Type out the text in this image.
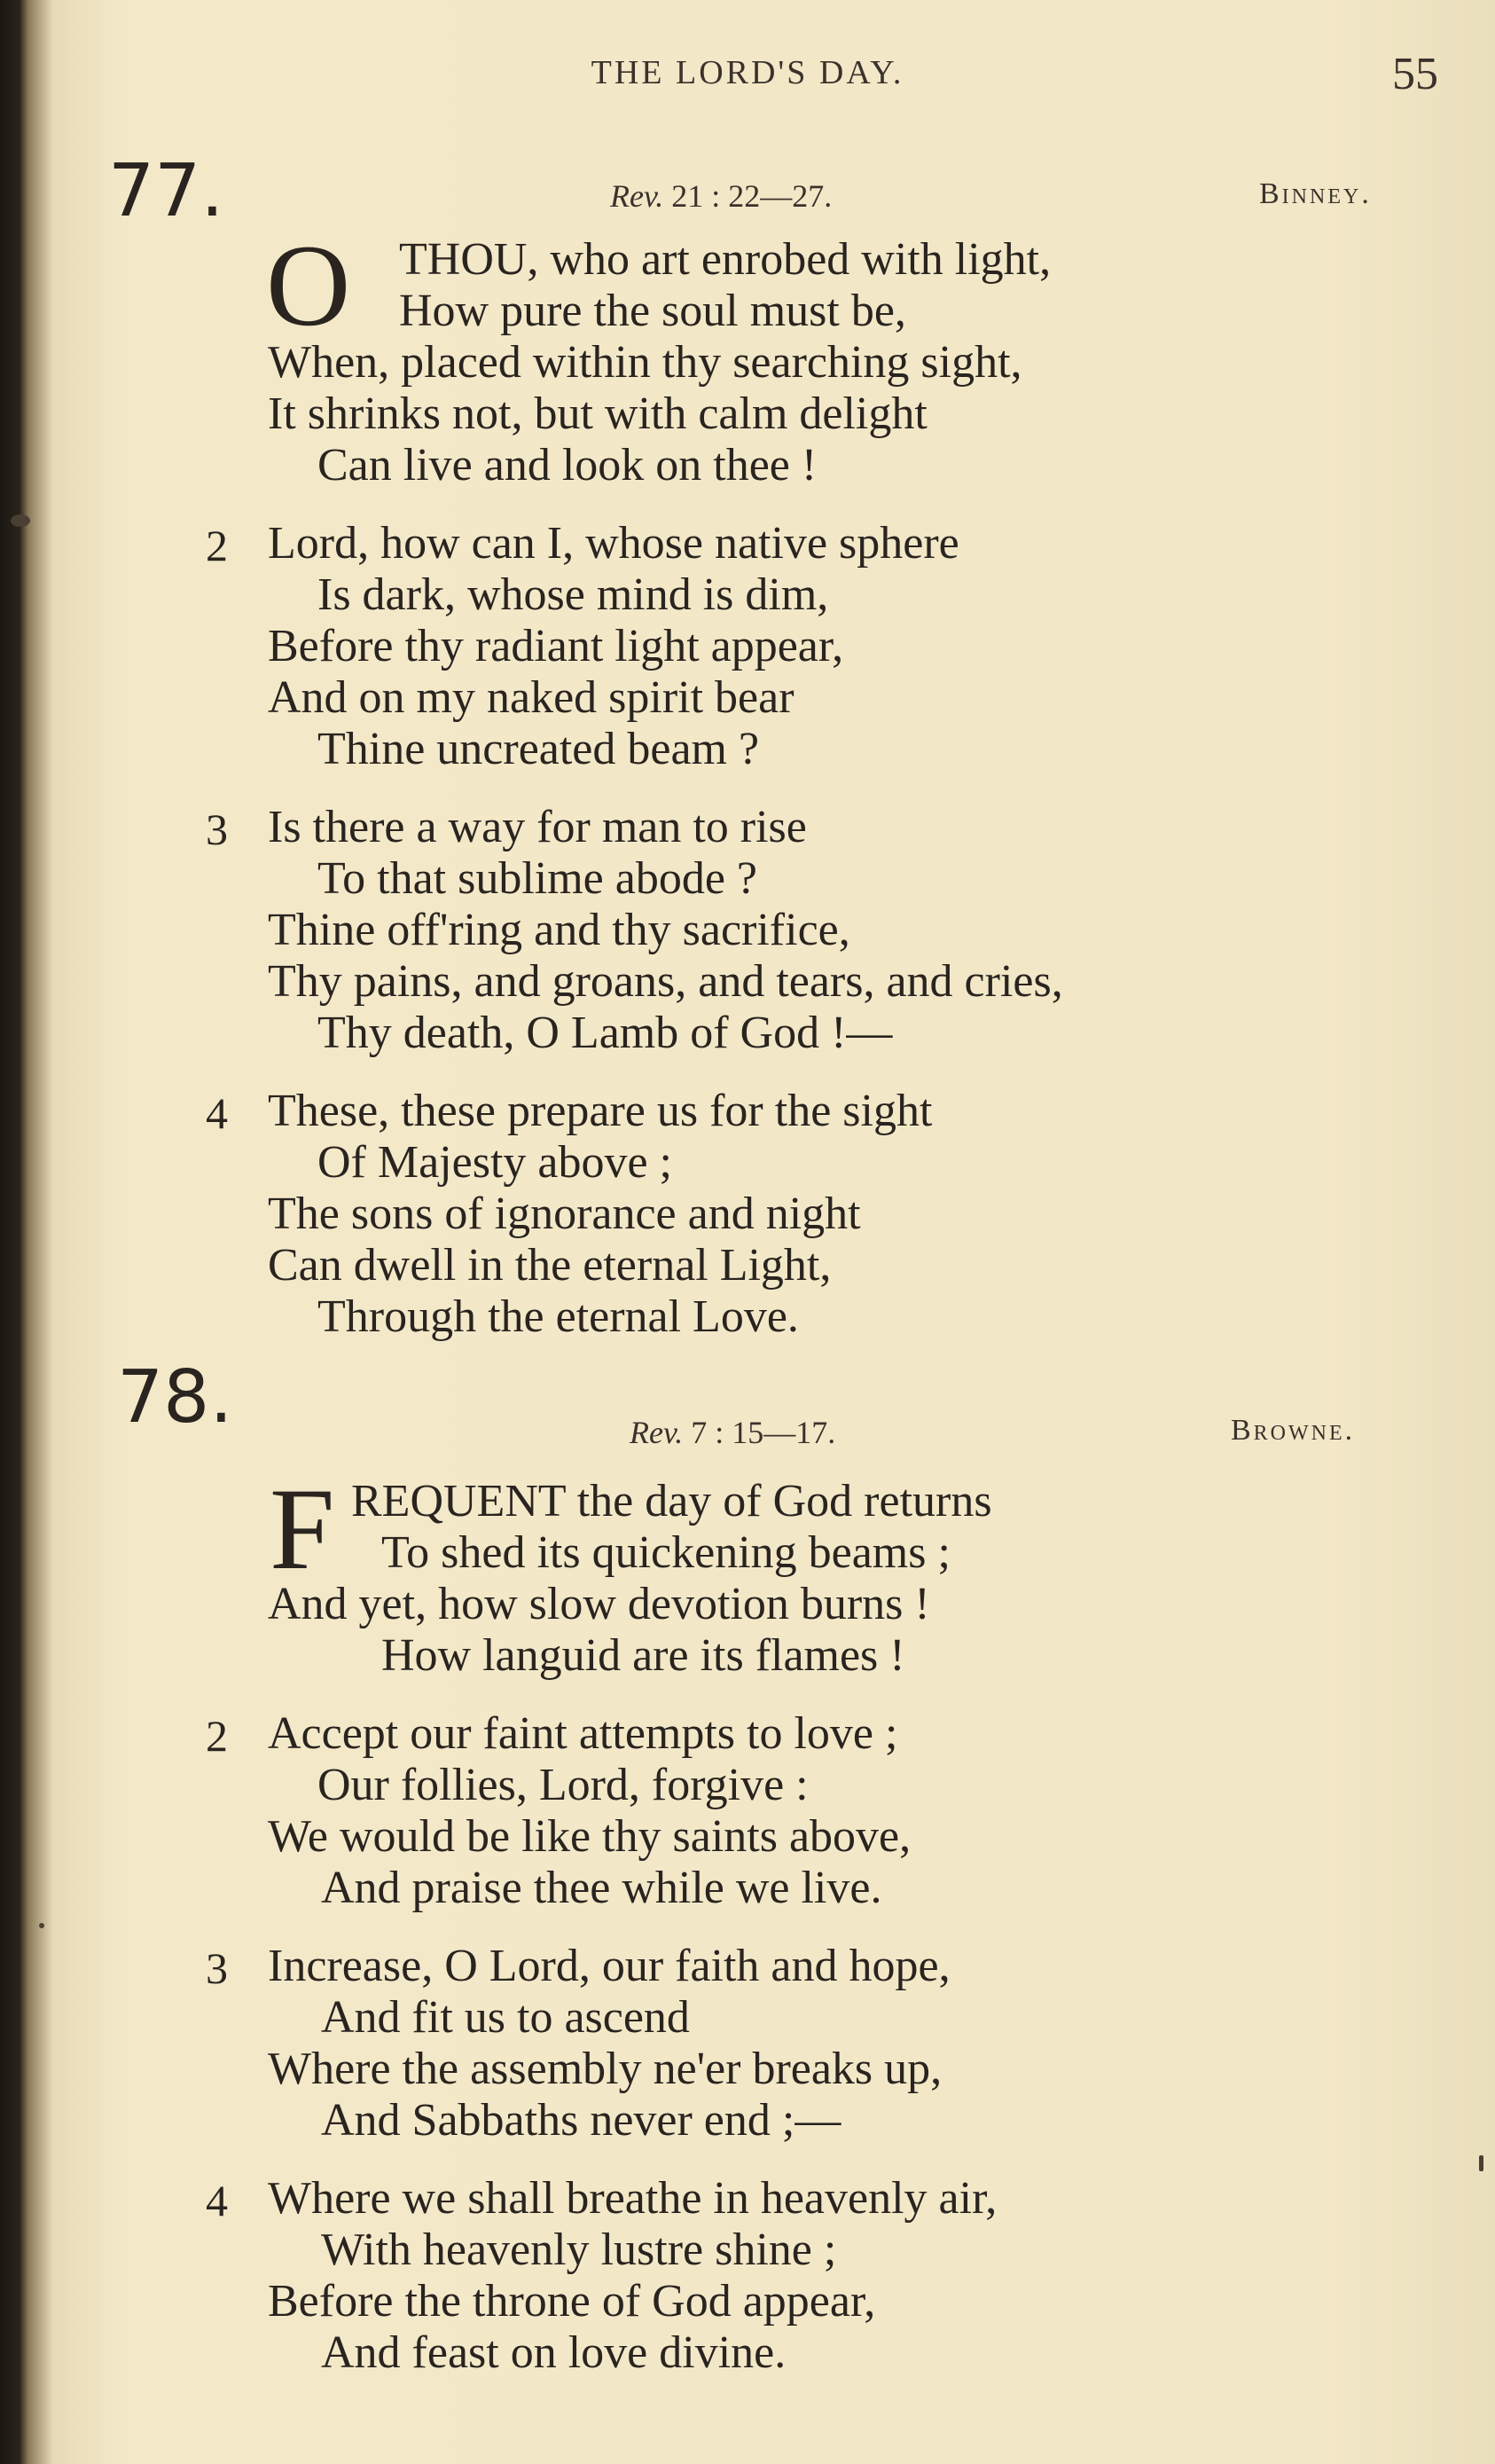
THE LORD'S DAY.	55
77.	Rev. 21 : 22—27.	Binney.
O THOU, who art enrobed with light,
How pure the soul must be,
When, placed within thy searching sight,
It shrinks not, but with calm delight
Can live and look on thee !
2 Lord, how can I, whose native sphere
Is dark, whose mind is dim,
Before thy radiant light appear,
And on my naked spirit bear
Thine uncreated beam ?
3 Is there a way for man to rise
To that sublime abode ?
Thine off'ring and thy sacrifice,
Thy pains, and groans, and tears, and cries,
Thy death, O Lamb of God !—
4 These, these prepare us for the sight
Of Majesty above ;
The sons of ignorance and night
Can dwell in the eternal Light,
Through the eternal Love.
78.	Rev. 7 : 15—17.	Browne.
F REQUENT the day of God returns
To shed its quickening beams ;
And yet, how slow devotion burns !
How languid are its flames !
2 Accept our faint attempts to love ;
Our follies, Lord, forgive :
We would be like thy saints above,
And praise thee while we live.
3 Increase, O Lord, our faith and hope,
And fit us to ascend
Where the assembly ne'er breaks up,
And Sabbaths never end ;—
4 Where we shall breathe in heavenly air,
With heavenly lustre shine ;
Before the throne of God appear,
And feast on love divine.
